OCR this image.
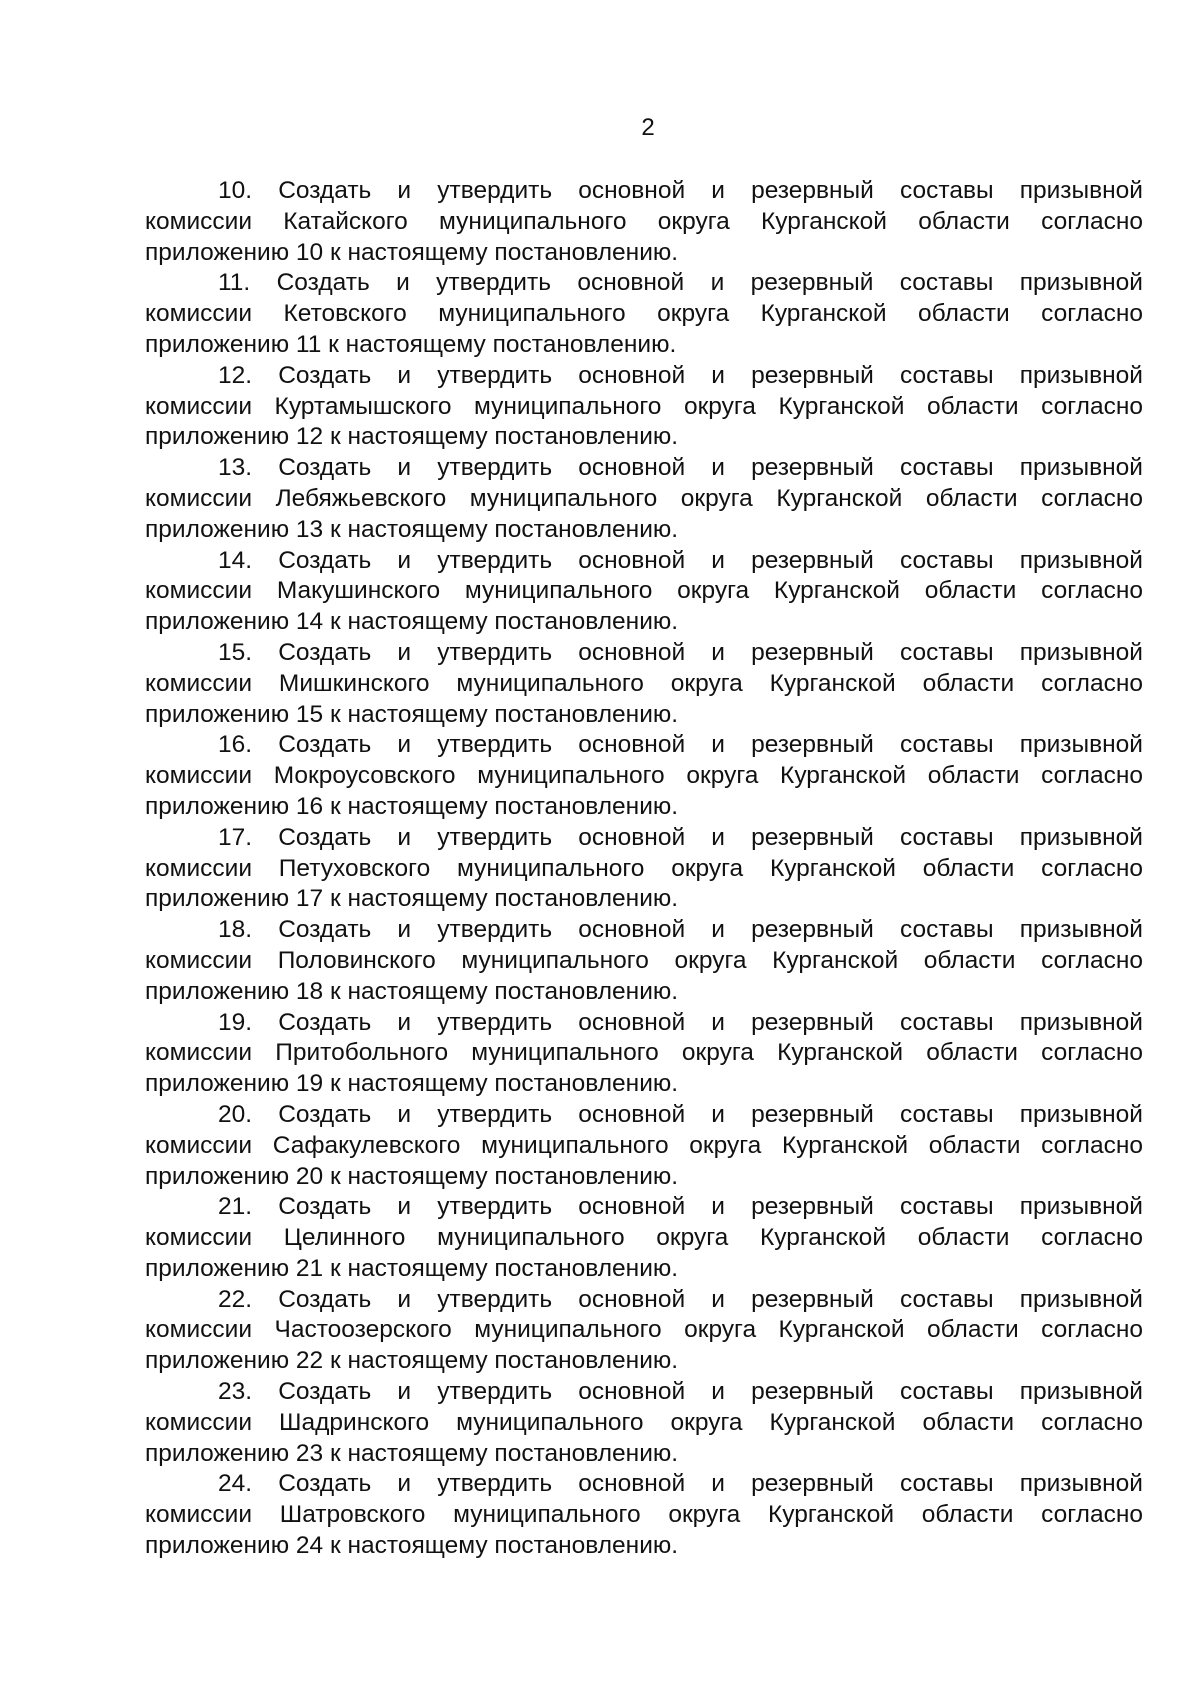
2

10. Создать и утвердить основной и резервный составы призывной
комиссии Катайского муниципального округа Курганской области согласно
приложению 10 к настоящему постановлению.

11. Создать и утвердить основной и резервный составы призывной
комиссии Кетовского муниципального округа Курганской области согласно
приложению 11 к настоящему постановлению.

12. Создать и утвердить основной и резервный составы призывной
комиссии Куртамышского муниципального округа Курганской области согласно
приложению 12 к настоящему постановлению.

13. Создать и утвердить основной и резервный составы призывной
комиссии Лебяжьевского муниципального округа Курганской области согласно
приложению 13 к настоящему постановлению.

14. Создать и утвердить основной и резервный составы призывной
комиссии Макушинского муниципального округа Курганской области согласно
приложению 14 к настоящему постановлению.

15. Создать и утвердить основной и резервный составы призывной
комиссии Мишкинского муниципального округа Курганской области согласно
приложению 15 к настоящему постановлению.

16. Создать и утвердить основной и резервный составы призывной
комиссии Мокроусовского муниципального округа Курганской области согласно
приложению 16 к настоящему постановлению.

17. Создать и утвердить основной и резервный составы призывной
комиссии Петуховского муниципального округа Курганской области согласно
приложению 17 к настоящему постановлению.

18. Создать и утвердить основной и резервный составы призывной
комиссии Половинского муниципального округа Курганской области согласно
приложению 18 к настоящему постановлению.

19. Создать и утвердить основной и резервный составы призывной
комиссии Притобольного муниципального округа Курганской области согласно
приложению 19 к настоящему постановлению.

20. Создать и утвердить основной и резервный составы призывной
комиссии Сафакулевского муниципального округа Курганской области согласно
приложению 20 к настоящему постановлению.

21. Создать и утвердить основной и резервный составы призывной
комиссии Целинного муниципального округа Курганской области согласно
приложению 21 к настоящему постановлению.

22. Создать и утвердить основной и резервный составы призывной
комиссии Частоозерского муниципального округа Курганской области согласно
приложению 22 к настоящему постановлению.

23. Создать и утвердить основной и резервный составы призывной
комиссии Шадринского муниципального округа Курганской области согласно
приложению 23 к настоящему постановлению.

24. Создать и утвердить основной и резервный составы призывной
комиссии Шатровского муниципального округа Курганской области согласно
приложению 24 к настоящему постановлению.
